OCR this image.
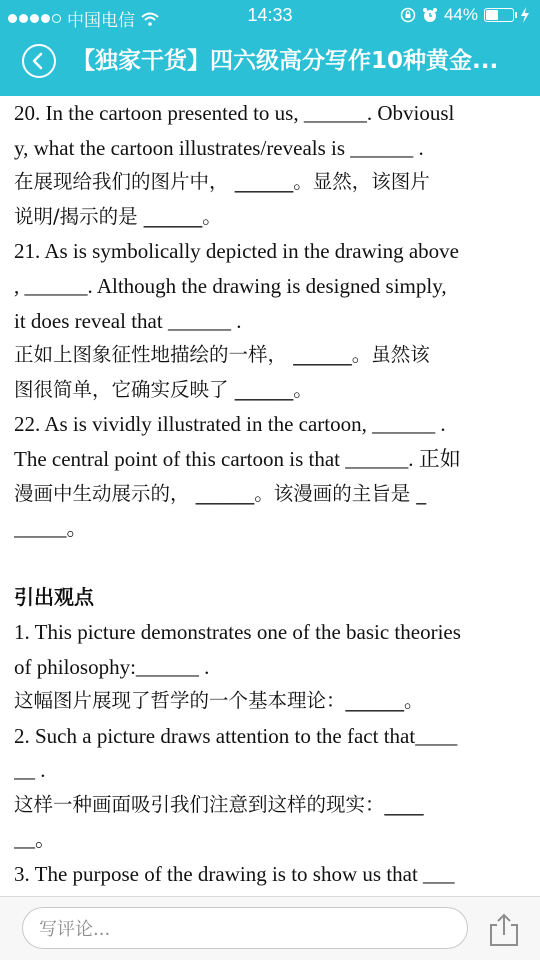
中国电信	14:33	44%
【独家干货】四六级高分写作10种黄金...
20. In the cartoon presented to us, ______. Obviousl
y, what the cartoon illustrates/reveals is ______ .
在展现给我们的图片中， ______。显然，该图片
说明/揭示的是 ______。
21. As is symbolically depicted in the drawing above
, ______. Although the drawing is designed simply,
it does reveal that ______ .
正如上图象征性地描绘的一样， ______。虽然该
图很简单，它确实反映了 ______。
22. As is vividly illustrated in the cartoon, ______ .
The central point of this cartoon is that ______. 正如
漫画中生动展示的， ______。该漫画的主旨是 _
_____。
引出观点
1. This picture demonstrates one of the basic theories
of philosophy:______ .
这幅图片展现了哲学的一个基本理论：______。
2. Such a picture draws attention to the fact that____
__ .
这样一种画面吸引我们注意到这样的现实：____
__。
3. The purpose of the drawing is to show us that ___
写评论...
